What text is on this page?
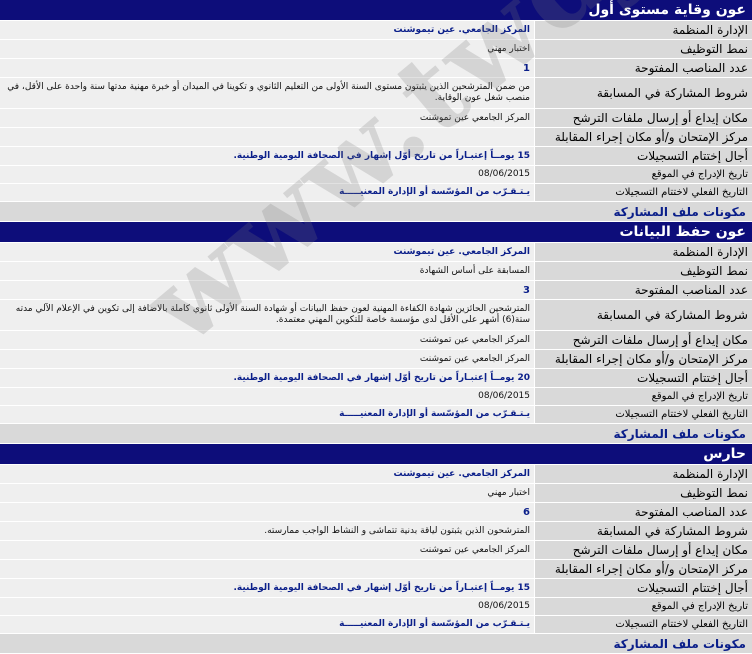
عون وقاية مستوى أول
الإدارة المنظمة
المركز الجامعي. عين تيموشنت
نمط التوظيف
اختبار مهني
عدد المناصب المفتوحة
1
شروط المشاركة في المسابقة
من ضمن المترشحين الذين يثبتون مستوى السنة الأولى من التعليم الثانوي و تكوينا في الميدان أو خبرة مهنية مدتها سنة واحدة على الأقل، في منصب شغل عون الوقاية.
مكان إيداع أو إرسال ملفات الترشح
المركز الجامعي عين تموشنت
مركز الإمتحان و/أو مكان إجراء المقابلة
أجال إختتام التسجيلات
15 يومــاً إعتبـاراً من تاريخ أوّل إشهار في الصحافة اليومية الوطنية.
تاريخ الإدراج في الموقع
08/06/2015
التاريخ الفعلي لاختتام التسجيلات
يـتـقـرّب من المؤسّسة أو الإدارة المعنيـــــة
مكونات ملف المشاركة
عون حفظ البيانات
الإدارة المنظمة
المركز الجامعي. عين تيموشنت
نمط التوظيف
المسابقة على أساس الشهادة
عدد المناصب المفتوحة
3
شروط المشاركة في المسابقة
المترشحين الحائزين شهادة الكفاءة المهنية لعون حفظ البيانات أو شهادة السنة الأولى ثانوي كاملة بالاضافة إلى تكوين في الإعلام الآلي مدته ستة(6) أشهر على الأقل لدى مؤسسة خاصة للتكوين المهني معتمدة.
مكان إيداع أو إرسال ملفات الترشح
المركز الجامعي عين تموشنت
مركز الإمتحان و/أو مكان إجراء المقابلة
المركز الجامعي عين تموشنت
أجال إختتام التسجيلات
20 يومــاً إعتبـاراً من تاريخ أوّل إشهار في الصحافة اليومية الوطنية.
تاريخ الإدراج في الموقع
08/06/2015
التاريخ الفعلي لاختتام التسجيلات
يـتـقـرّب من المؤسّسة أو الإدارة المعنيـــــة
مكونات ملف المشاركة
حارس
الإدارة المنظمة
المركز الجامعي. عين تيموشنت
نمط التوظيف
اختبار مهني
عدد المناصب المفتوحة
6
شروط المشاركة في المسابقة
المترشحون الذين يثبتون لياقة بدنية تتماشى و النشاط الواجب ممارسته.
مكان إيداع أو إرسال ملفات الترشح
المركز الجامعي عين تموشنت
مركز الإمتحان و/أو مكان إجراء المقابلة
أجال إختتام التسجيلات
15 يومــاً إعتبـاراً من تاريخ أوّل إشهار في الصحافة اليومية الوطنية.
تاريخ الإدراج في الموقع
08/06/2015
التاريخ الفعلي لاختتام التسجيلات
يـتـقـرّب من المؤسّسة أو الإدارة المعنيـــــة
مكونات ملف المشاركة
